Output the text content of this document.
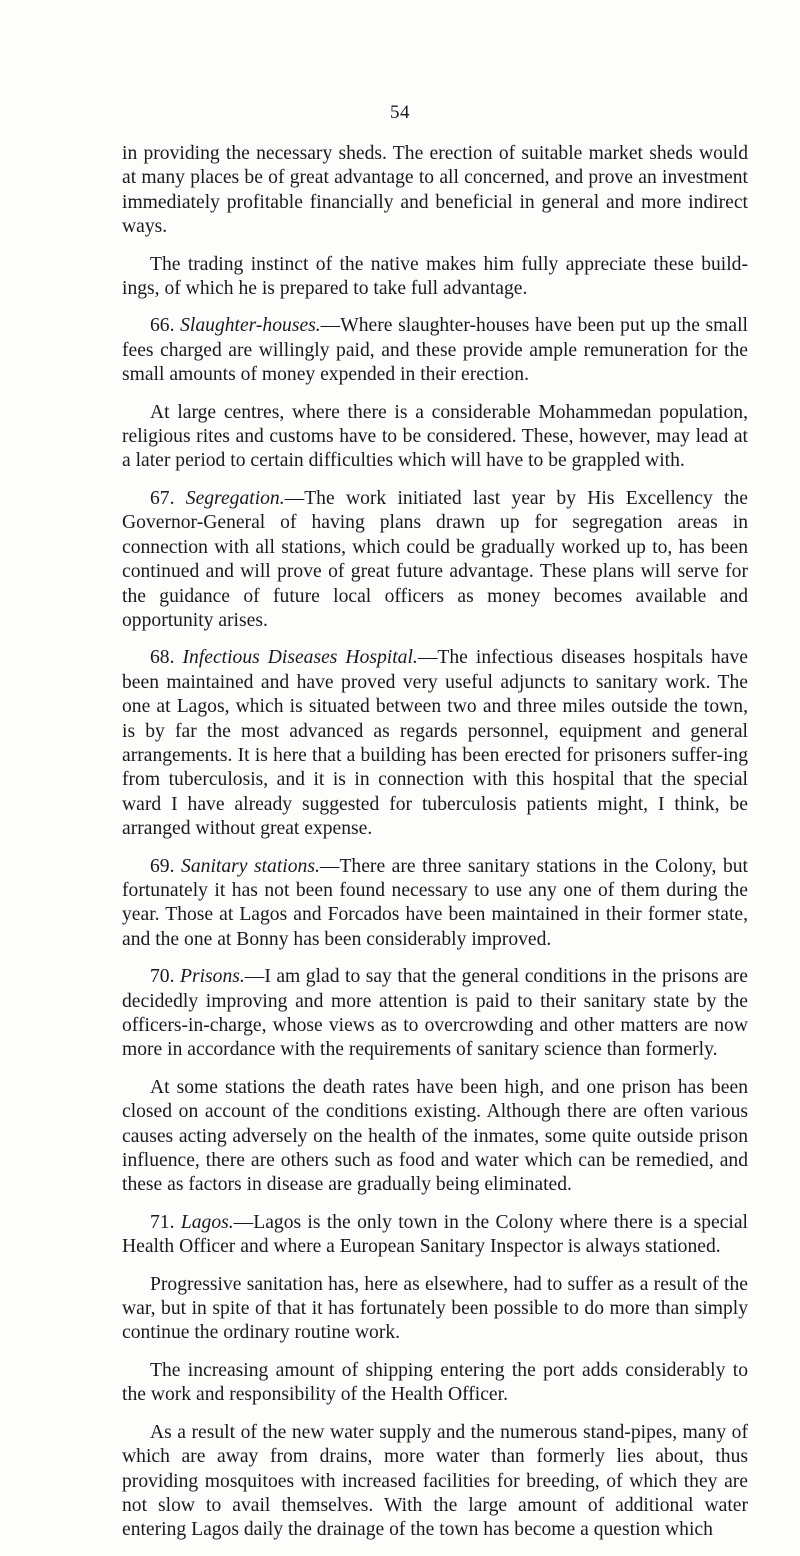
54

in providing the necessary sheds. The erection of suitable market sheds would at many places be of great advantage to all concerned, and prove an investment immediately profitable financially and beneficial in general and more indirect ways.

The trading instinct of the native makes him fully appreciate these build-ings, of which he is prepared to take full advantage.

66. Slaughter-houses.—Where slaughter-houses have been put up the small fees charged are willingly paid, and these provide ample remuneration for the small amounts of money expended in their erection.

At large centres, where there is a considerable Mohammedan population, religious rites and customs have to be considered. These, however, may lead at a later period to certain difficulties which will have to be grappled with.

67. Segregation.—The work initiated last year by His Excellency the Governor-General of having plans drawn up for segregation areas in connection with all stations, which could be gradually worked up to, has been continued and will prove of great future advantage. These plans will serve for the guidance of future local officers as money becomes available and opportunity arises.

68. Infectious Diseases Hospital.—The infectious diseases hospitals have been maintained and have proved very useful adjuncts to sanitary work. The one at Lagos, which is situated between two and three miles outside the town, is by far the most advanced as regards personnel, equipment and general arrangements. It is here that a building has been erected for prisoners suffer-ing from tuberculosis, and it is in connection with this hospital that the special ward I have already suggested for tuberculosis patients might, I think, be arranged without great expense.

69. Sanitary stations.—There are three sanitary stations in the Colony, but fortunately it has not been found necessary to use any one of them during the year. Those at Lagos and Forcados have been maintained in their former state, and the one at Bonny has been considerably improved.

70. Prisons.—I am glad to say that the general conditions in the prisons are decidedly improving and more attention is paid to their sanitary state by the officers-in-charge, whose views as to overcrowding and other matters are now more in accordance with the requirements of sanitary science than formerly.

At some stations the death rates have been high, and one prison has been closed on account of the conditions existing. Although there are often various causes acting adversely on the health of the inmates, some quite outside prison influence, there are others such as food and water which can be remedied, and these as factors in disease are gradually being eliminated.

71. Lagos.—Lagos is the only town in the Colony where there is a special Health Officer and where a European Sanitary Inspector is always stationed.

Progressive sanitation has, here as elsewhere, had to suffer as a result of the war, but in spite of that it has fortunately been possible to do more than simply continue the ordinary routine work.

The increasing amount of shipping entering the port adds considerably to the work and responsibility of the Health Officer.

As a result of the new water supply and the numerous stand-pipes, many of which are away from drains, more water than formerly lies about, thus providing mosquitoes with increased facilities for breeding, of which they are not slow to avail themselves. With the large amount of additional water entering Lagos daily the drainage of the town has become a question which
